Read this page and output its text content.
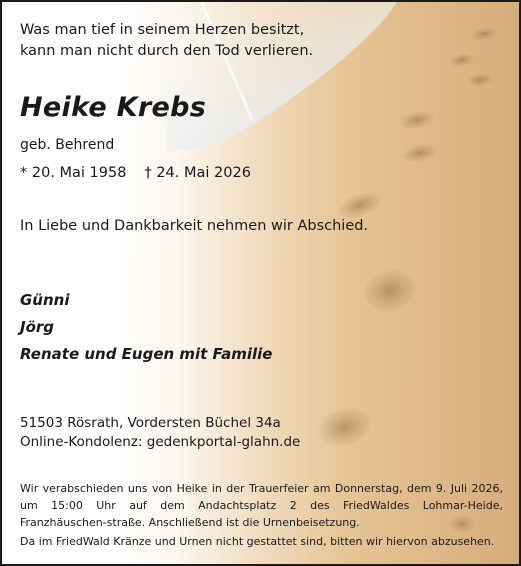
Was man tief in seinem Herzen besitzt,
kann man nicht durch den Tod verlieren.
Heike Krebs
geb. Behrend
* 20. Mai 1958 † 24. Mai 2026
In Liebe und Dankbarkeit nehmen wir Abschied.
Günni
Jörg
Renate und Eugen mit Familie
51503 Rösrath, Vordersten Büchel 34a
Online-Kondolenz: gedenkportal-glahn.de
Wir verabschieden uns von Heike in der Trauerfeier am Donnerstag, dem 9. Juli 2026, um 15:00 Uhr auf dem Andachtsplatz 2 des FriedWaldes Lohmar-Heide, Franzhäuschen-straße. Anschließend ist die Urnenbeisetzung.
Da im FriedWald Kränze und Urnen nicht gestattet sind, bitten wir hiervon abzusehen.
